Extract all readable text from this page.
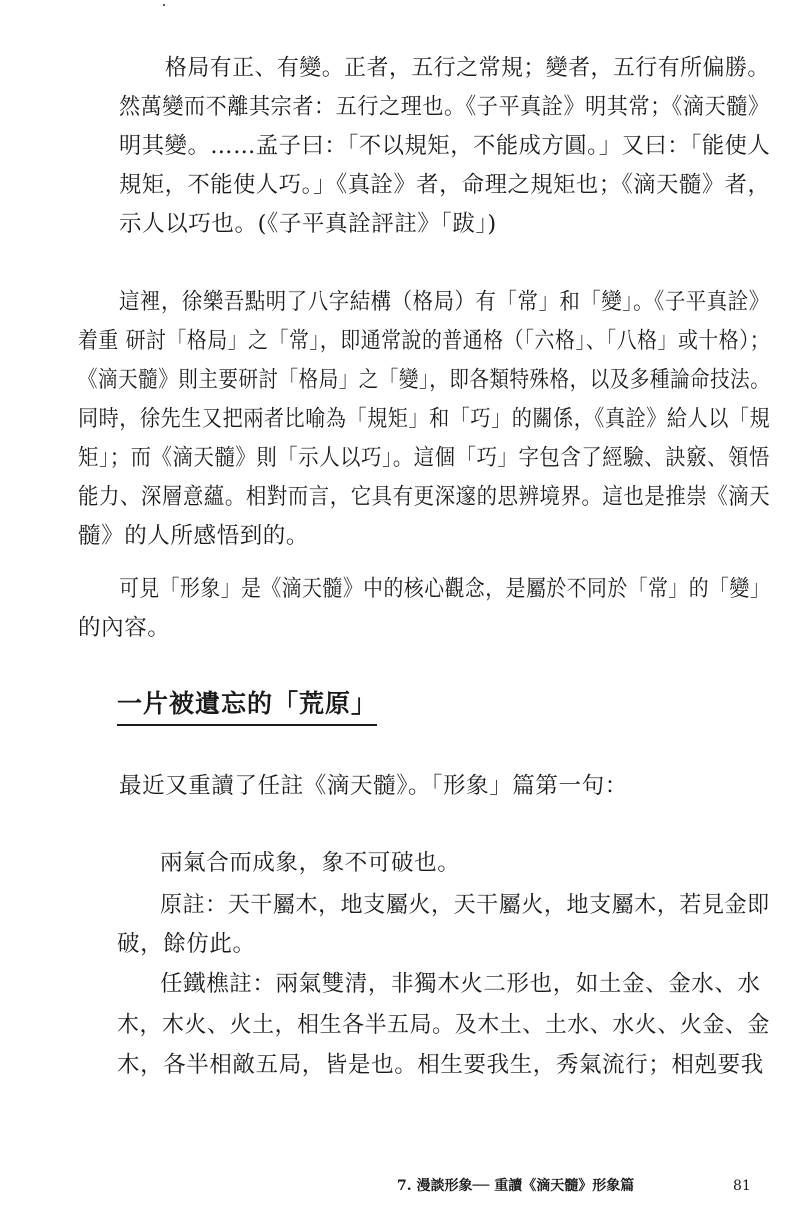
格局有正、有變。正者，五行之常規；變者，五行有所偏勝。
然萬變而不離其宗者：五行之理也。《子平真詮》明其常；《滴天髓》
明其變。……孟子曰：「不以規矩，不能成方圓。」又曰：「能使人
規矩，不能使人巧。」《真詮》者，命理之規矩也；《滴天髓》者，
示人以巧也。(《子平真詮評註》「跋」)
這裡，徐樂吾點明了八字結構（格局）有「常」和「變」。《子平真詮》
着重 研討「格局」之「常」，即通常說的普通格（「六格」、「八格」或十格）；
《滴天髓》則主要研討「格局」之「變」，即各類特殊格，以及多種論命技法。
同時，徐先生又把兩者比喻為「規矩」和「巧」的關係，《真詮》給人以「規
矩」；而《滴天髓》則「示人以巧」。這個「巧」字包含了經驗、訣竅、領悟
能力、深層意蘊。相對而言，它具有更深邃的思辨境界。這也是推崇《滴天
髓》的人所感悟到的。
可見「形象」是《滴天髓》中的核心觀念，是屬於不同於「常」的「變」
的內容。
一片被遺忘的「荒原」
最近又重讀了任註《滴天髓》。「形象」篇第一句：
兩氣合而成象，象不可破也。
原註：天干屬木，地支屬火，天干屬火，地支屬木，若見金即
破，餘仿此。
任鐵樵註：兩氣雙清，非獨木火二形也，如土金、金水、水
木，木火、火土，相生各半五局。及木土、土水、水火、火金、金
木，各半相敵五局，皆是也。相生要我生，秀氣流行；相剋要我
7. 漫談形象── 重讀《滴天髓》形象篇	81
